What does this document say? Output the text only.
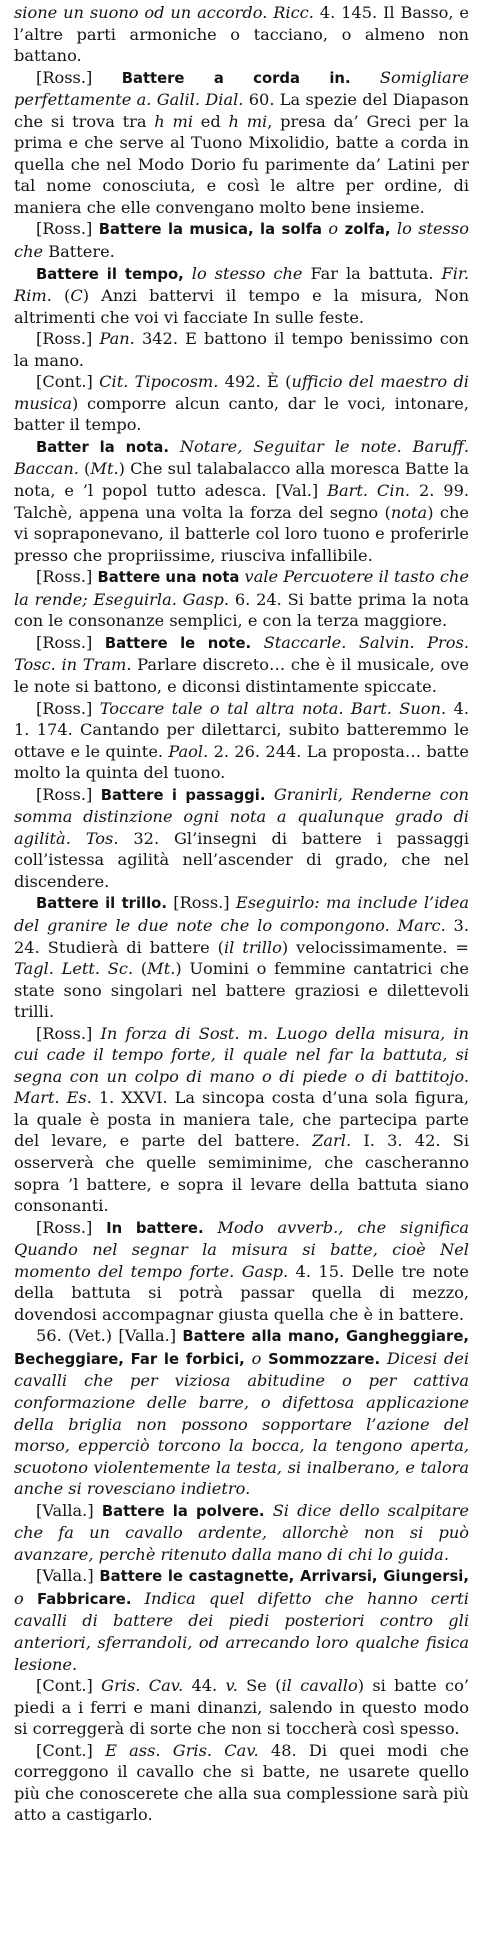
sione un suono od un accordo. Ricc. 4. 145. Il Basso, e l’altre parti armoniche o tacciano, o almeno non battano.

[Ross.] Battere a corda in. Somigliare perfettamente a. Galil. Dial. 60. La spezie del Diapason che si trova tra h mi ed h mi, presa da’ Greci per la prima e che serve al Tuono Mixolidio, batte a corda in quella che nel Modo Dorio fu parimente da’ Latini per tal nome conosciuta, e così le altre per ordine, di maniera che elle convengano molto bene insieme.

[Ross.] Battere la musica, la solfa o zolfa, lo stesso che Battere.

Battere il tempo, lo stesso che Far la battuta. Fir. Rim. (C) Anzi battervi il tempo e la misura, Non altrimenti che voi vi facciate In sulle feste.

[Ross.] Pan. 342. E battono il tempo benissimo con la mano.

[Cont.] Cit. Tipocosm. 492. È (ufficio del maestro di musica) comporre alcun canto, dar le voci, intonare, batter il tempo.

Batter la nota. Notare, Seguitar le note. Baruff. Baccan. (Mt.) Che sul talabalacco alla moresca Batte la nota, e ’l popol tutto adesca. [Val.] Bart. Cin. 2. 99. Talchè, appena una volta la forza del segno (nota) che vi sopraponevano, il batterle col loro tuono e proferirle presso che propriissime, riusciva infallibile.

[Ross.] Battere una nota vale Percuotere il tasto che la rende; Eseguirla. Gasp. 6. 24. Si batte prima la nota con le consonanze semplici, e con la terza maggiore.

[Ross.] Battere le note. Staccarle. Salvin. Pros. Tosc. in Tram. Parlare discreto… che è il musicale, ove le note si battono, e diconsi distintamente spiccate.

[Ross.] Toccare tale o tal altra nota. Bart. Suon. 4. 1. 174. Cantando per dilettarci, subito batteremmo le ottave e le quinte. Paol. 2. 26. 244. La proposta… batte molto la quinta del tuono.

[Ross.] Battere i passaggi. Granirli, Renderne con somma distinzione ogni nota a qualunque grado di agilità. Tos. 32. Gl’insegni di battere i passaggi coll’istessa agilità nell’ascender di grado, che nel discendere.

Battere il trillo. [Ross.] Eseguirlo: ma include l’idea del granire le due note che lo compongono. Marc. 3. 24. Studierà di battere (il trillo) velocissimamente. = Tagl. Lett. Sc. (Mt.) Uomini o femmine cantatrici che state sono singolari nel battere graziosi e dilettevoli trilli.

[Ross.] In forza di Sost. m. Luogo della misura, in cui cade il tempo forte, il quale nel far la battuta, si segna con un colpo di mano o di piede o di battitojo. Mart. Es. 1. XXVI. La sincopa costa d’una sola figura, la quale è posta in maniera tale, che partecipa parte del levare, e parte del battere. Zarl. I. 3. 42. Si osserverà che quelle semiminime, che cascheranno sopra ’l battere, e sopra il levare della battuta siano consonanti.

[Ross.] In battere. Modo avverb., che significa Quando nel segnar la misura si batte, cioè Nel momento del tempo forte. Gasp. 4. 15. Delle tre note della battuta si potrà passar quella di mezzo, dovendosi accompagnar giusta quella che è in battere.

56. (Vet.) [Valla.] Battere alla mano, Gangheggiare, Becheggiare, Far le forbici, o Sommozzare. Dicesi dei cavalli che per viziosa abitudine o per cattiva conformazione delle barre, o difettosa applicazione della briglia non possono sopportare l’azione del morso, epperciò torcono la bocca, la tengono aperta, scuotono violentemente la testa, si inalberano, e talora anche si rovesciano indietro.

[Valla.] Battere la polvere. Si dice dello scalpitare che fa un cavallo ardente, allorchè non si può avanzare, perchè ritenuto dalla mano di chi lo guida.

[Valla.] Battere le castagnette, Arrivarsi, Giungersi, o Fabbricare. Indica quel difetto che hanno certi cavalli di battere dei piedi posteriori contro gli anteriori, sferrandoli, od arrecando loro qualche fisica lesione.

[Cont.] Gris. Cav. 44. v. Se (il cavallo) si batte co’ piedi a i ferri e mani dinanzi, salendo in questo modo si correggerà di sorte che non si toccherà così spesso.

[Cont.] E ass. Gris. Cav. 48. Di quei modi che correggono il cavallo che si batte, ne usarete quello più che conoscerete che alla sua complessione sarà più atto a castigarlo.
